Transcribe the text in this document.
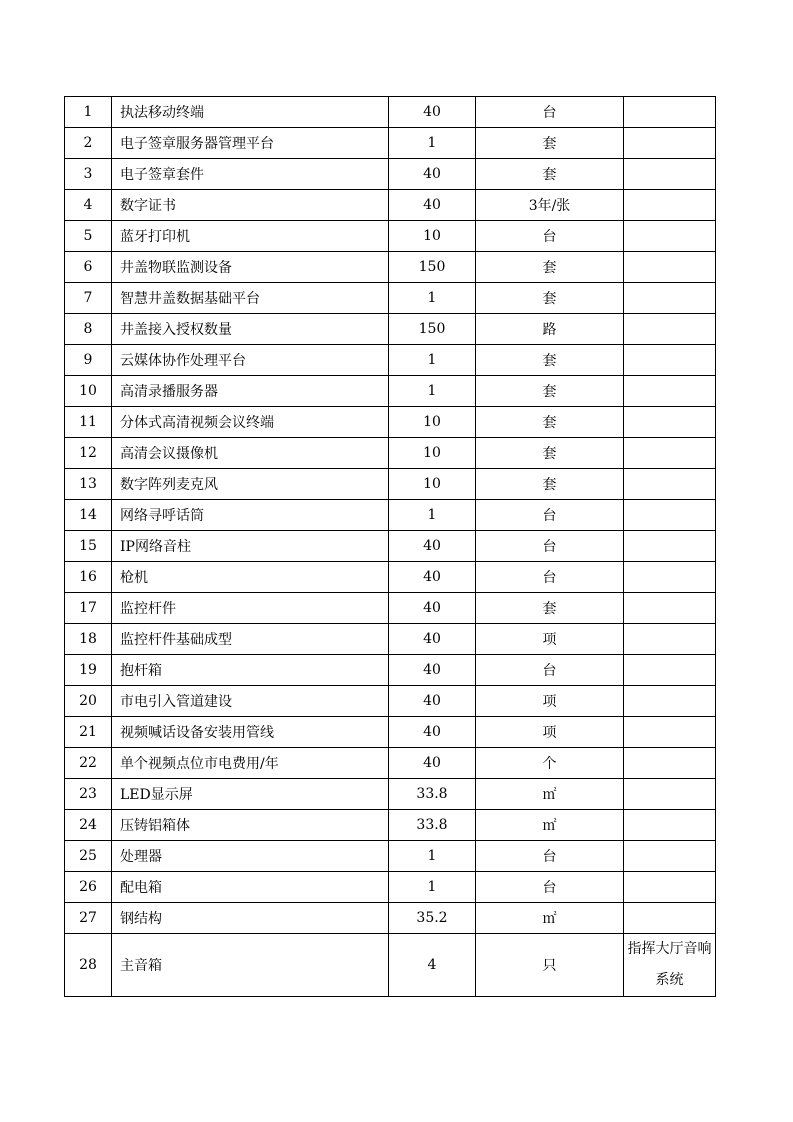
1	执法移动终端	40	台	
2	电子签章服务器管理平台	1	套	
3	电子签章套件	40	套	
4	数字证书	40	3年/张	
5	蓝牙打印机	10	台	
6	井盖物联监测设备	150	套	
7	智慧井盖数据基础平台	1	套	
8	井盖接入授权数量	150	路	
9	云媒体协作处理平台	1	套	
10	高清录播服务器	1	套	
11	分体式高清视频会议终端	10	套	
12	高清会议摄像机	10	套	
13	数字阵列麦克风	10	套	
14	网络寻呼话筒	1	台	
15	IP网络音柱	40	台	
16	枪机	40	台	
17	监控杆件	40	套	
18	监控杆件基础成型	40	项	
19	抱杆箱	40	台	
20	市电引入管道建设	40	项	
21	视频喊话设备安装用管线	40	项	
22	单个视频点位市电费用/年	40	个	
23	LED显示屏	33.8	㎡	
24	压铸铝箱体	33.8	㎡	
25	处理器	1	台	
26	配电箱	1	台	
27	钢结构	35.2	㎡	
28	主音箱	4	只	指挥大厅音响系统
